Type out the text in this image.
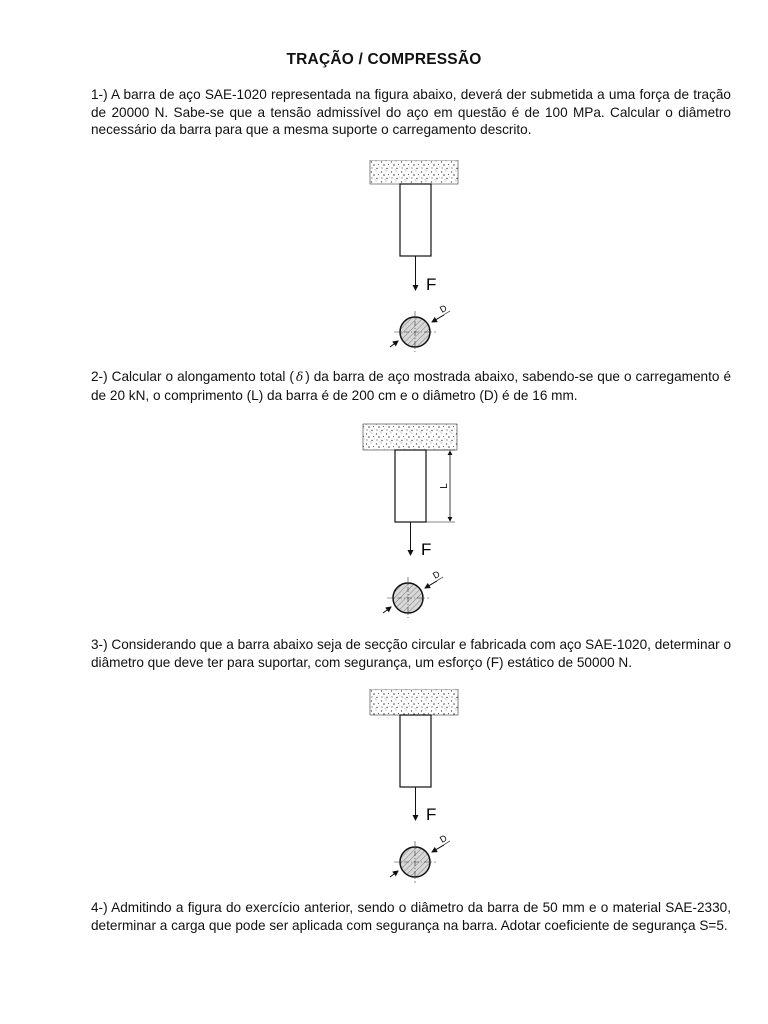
TRAÇÃO / COMPRESSÃO

1-) A barra de aço SAE-1020 representada na figura abaixo, deverá der submetida a uma força de tração de 20000 N. Sabe-se que a tensão admissível do aço em questão é de 100 MPa. Calcular o diâmetro necessário da barra para que a mesma suporte o carregamento descrito.

F
D

2-) Calcular o alongamento total ( δ ) da barra de aço mostrada abaixo, sabendo-se que o carregamento é de 20 kN, o comprimento (L) da barra é de 200 cm e o diâmetro (D) é de 16 mm.

L
F
D

3-) Considerando que a barra abaixo seja de secção circular e fabricada com aço SAE-1020, determinar o diâmetro que deve ter para suportar, com segurança, um esforço (F) estático de 50000 N.

F
D

4-) Admitindo a figura do exercício anterior, sendo o diâmetro da barra de 50 mm e o material SAE-2330, determinar a carga que pode ser aplicada com segurança na barra. Adotar coeficiente de segurança S=5.
